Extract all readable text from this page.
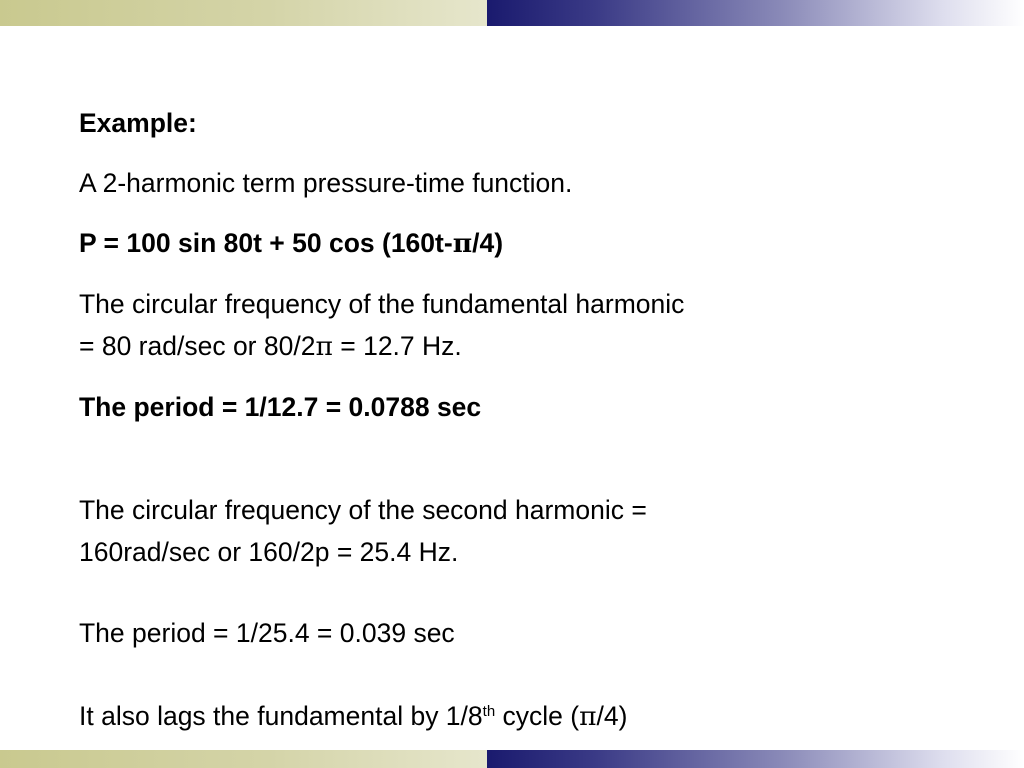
Example:
A 2-harmonic term pressure-time function.
P = 100 sin 80t + 50 cos (160t-π/4)
The circular frequency of the fundamental harmonic
= 80 rad/sec or 80/2π = 12.7 Hz.
The period = 1/12.7 = 0.0788 sec
The circular frequency of the second harmonic =
160rad/sec or 160/2p = 25.4 Hz.
The period = 1/25.4 = 0.039 sec
It also lags the fundamental by 1/8th cycle (π/4)
